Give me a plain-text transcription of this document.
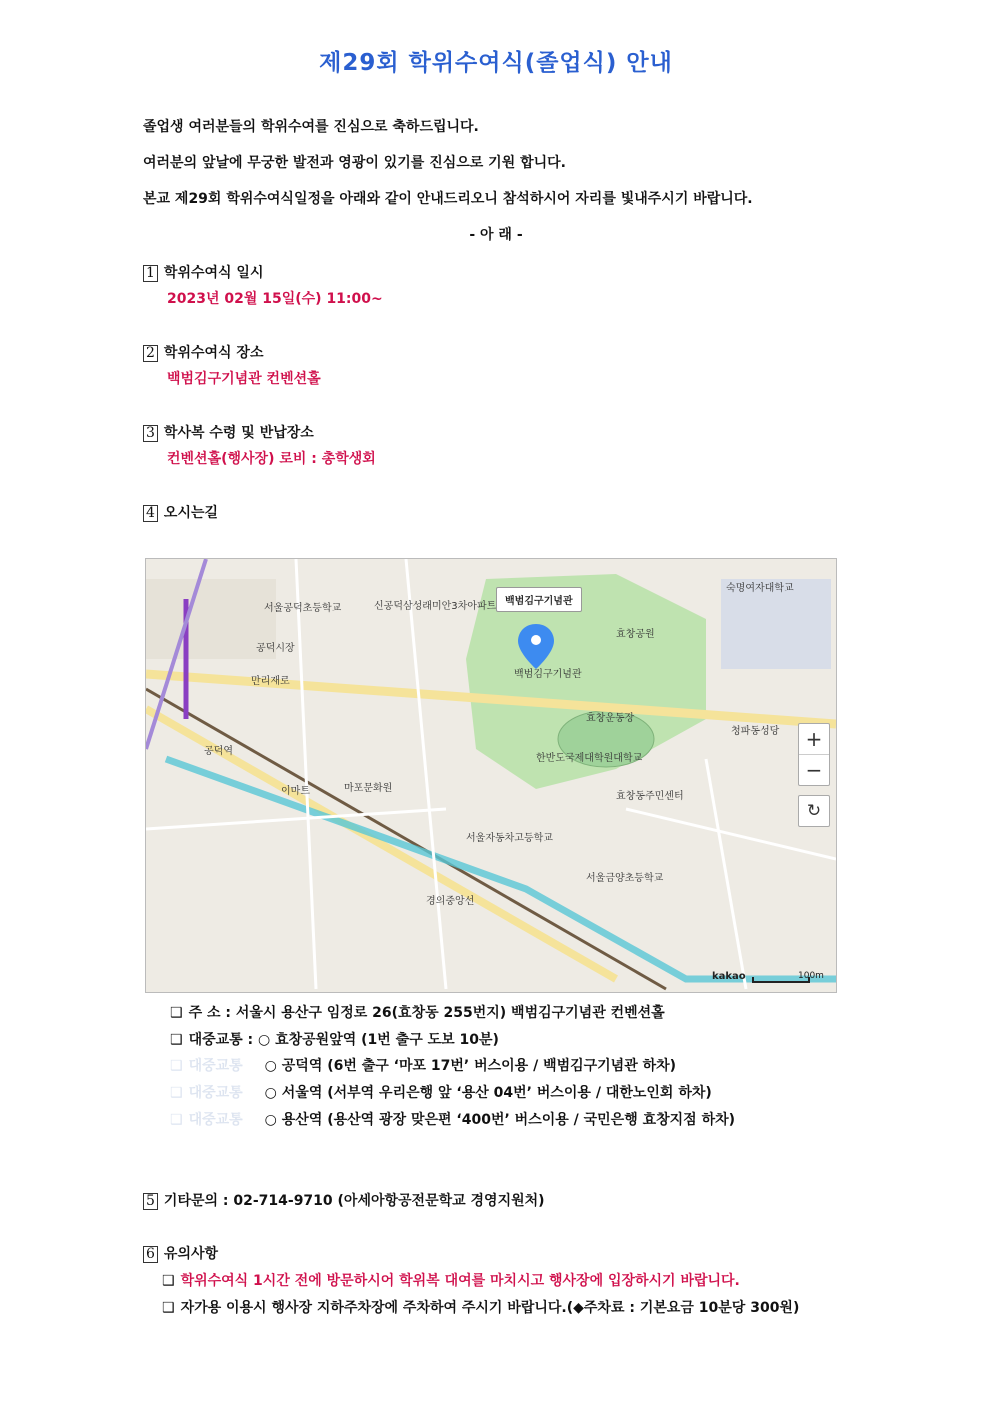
제29회 학위수여식(졸업식) 안내
졸업생 여러분들의 학위수여를 진심으로 축하드립니다.
여러분의 앞날에 무궁한 발전과 영광이 있기를 진심으로 기원 합니다.
본교 제29회 학위수여식일정을 아래와 같이 안내드리오니 참석하시어 자리를 빛내주시기 바랍니다.
- 아 래 -
1 학위수여식 일시
2023년 02월 15일(수) 11:00~
2 학위수여식 장소
백범김구기념관 컨벤션홀
3 학사복 수령 및 반납장소
컨벤션홀(행사장) 로비 : 총학생회
4 오시는길
효창공원
효창운동장
공덕시장
서울공덕초등학교
공덕역
이마트
서울금양초등학교
숙명여자대학교
효창동주민센터
신공덕삼성래미안3차아파트
백범김구기념관
마포문화원
서울자동차고등학교
한반도국제대학원대학교
경의중앙선
만리재로
청파동성당
백범김구기념관
+
−
↻
kakao	100m
❑ 주 소 : 서울시 용산구 임정로 26(효창동 255번지) 백범김구기념관 컨벤션홀
❑ 대중교통 : ○ 효창공원앞역 (1번 출구 도보 10분)
❑ 대중교통 ○ 공덕역 (6번 출구 ‘마포 17번’ 버스이용 / 백범김구기념관 하차)
❑ 대중교통 ○ 서울역 (서부역 우리은행 앞 ‘용산 04번’ 버스이용 / 대한노인회 하차)
❑ 대중교통 ○ 용산역 (용산역 광장 맞은편 ‘400번’ 버스이용 / 국민은행 효창지점 하차)
5 기타문의 : 02-714-9710 (아세아항공전문학교 경영지원처)
6 유의사항
❑ 학위수여식 1시간 전에 방문하시어 학위복 대여를 마치시고 행사장에 입장하시기 바랍니다.
❑ 자가용 이용시 행사장 지하주차장에 주차하여 주시기 바랍니다.(◆주차료 : 기본요금 10분당 300원)
